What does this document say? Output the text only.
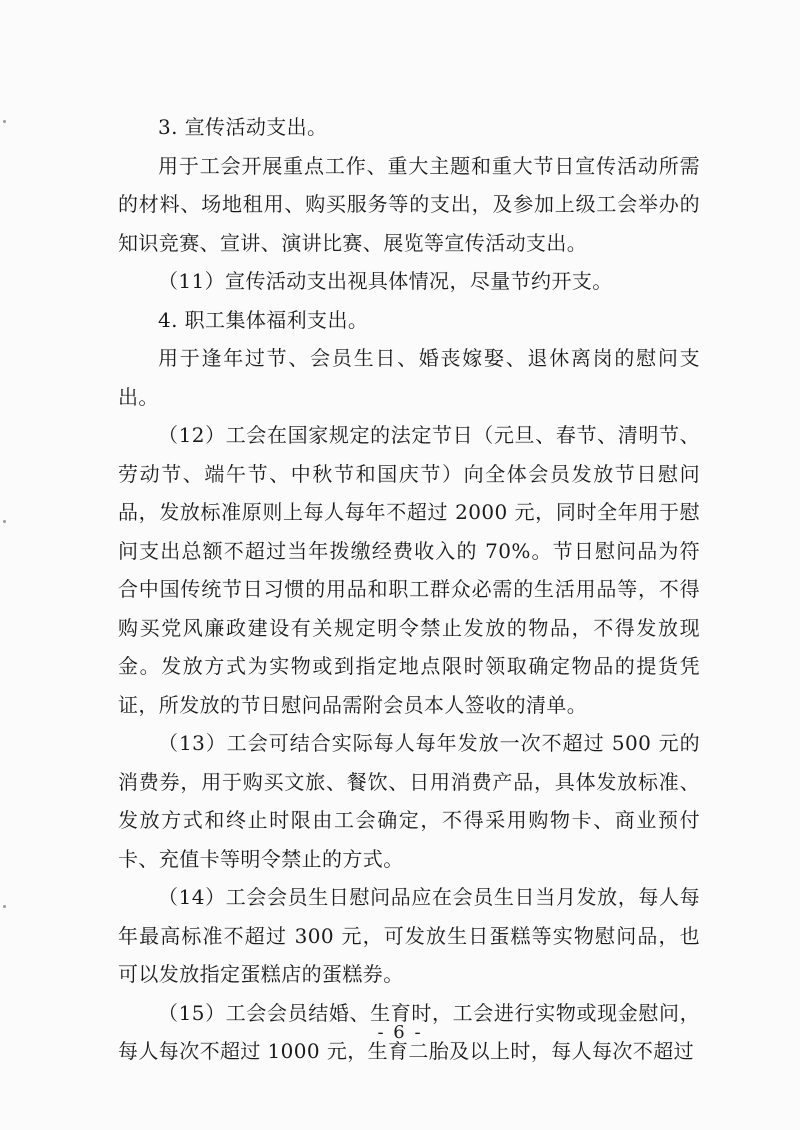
3. 宣传活动支出。

用于工会开展重点工作、重大主题和重大节日宣传活动所需的材料、场地租用、购买服务等的支出，及参加上级工会举办的知识竞赛、宣讲、演讲比赛、展览等宣传活动支出。

（11）宣传活动支出视具体情况，尽量节约开支。

4. 职工集体福利支出。

用于逢年过节、会员生日、婚丧嫁娶、退休离岗的慰问支出。

（12）工会在国家规定的法定节日（元旦、春节、清明节、劳动节、端午节、中秋节和国庆节）向全体会员发放节日慰问品，发放标准原则上每人每年不超过 2000 元，同时全年用于慰问支出总额不超过当年拨缴经费收入的 70%。节日慰问品为符合中国传统节日习惯的用品和职工群众必需的生活用品等，不得购买党风廉政建设有关规定明令禁止发放的物品，不得发放现金。发放方式为实物或到指定地点限时领取确定物品的提货凭证，所发放的节日慰问品需附会员本人签收的清单。

（13）工会可结合实际每人每年发放一次不超过 500 元的消费券，用于购买文旅、餐饮、日用消费产品，具体发放标准、发放方式和终止时限由工会确定，不得采用购物卡、商业预付卡、充值卡等明令禁止的方式。

（14）工会会员生日慰问品应在会员生日当月发放，每人每年最高标准不超过 300 元，可发放生日蛋糕等实物慰问品，也可以发放指定蛋糕店的蛋糕券。

（15）工会会员结婚、生育时，工会进行实物或现金慰问，每人每次不超过 1000 元，生育二胎及以上时，每人每次不超过

- 6 -
